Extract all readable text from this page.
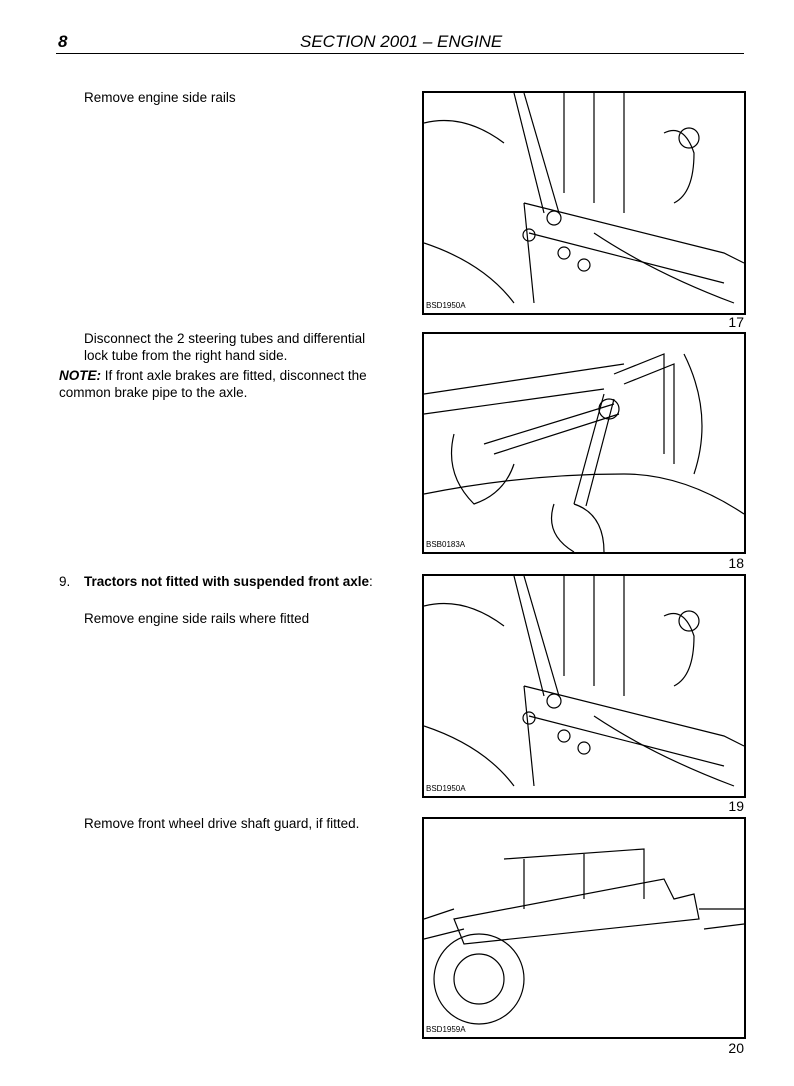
8	SECTION 2001 – ENGINE
Remove engine side rails
Disconnect the 2 steering tubes and differential lock tube from the right hand side.
NOTE: If front axle brakes are fitted, disconnect the common brake pipe to the axle.
9. Tractors not fitted with suspended front axle:
Remove engine side rails where fitted
Remove front wheel drive shaft guard, if fitted.
BSD1950A
17
BSB0183A
18
BSD1950A
19
BSD1959A
20
